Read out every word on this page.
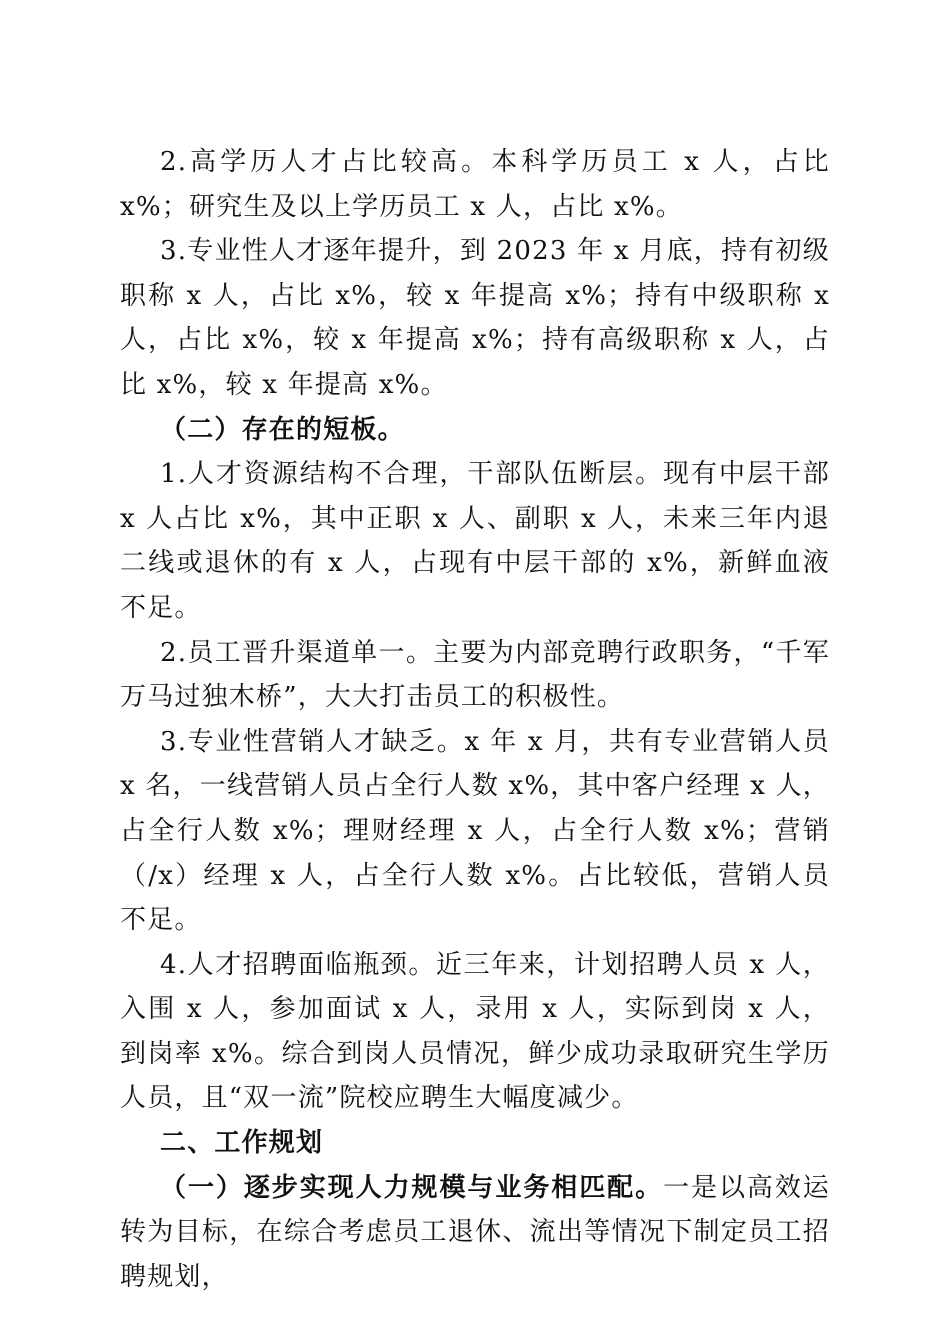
2.高学历人才占比较高。本科学历员工 x 人，占比 x%；研究生及以上学历员工 x 人，占比 x%。

3.专业性人才逐年提升，到 2023 年 x 月底，持有初级职称 x 人，占比 x%，较 x 年提高 x%；持有中级职称 x 人，占比 x%，较 x 年提高 x%；持有高级职称 x 人，占比 x%，较 x 年提高 x%。

（二）存在的短板。

1.人才资源结构不合理，干部队伍断层。现有中层干部 x 人占比 x%，其中正职 x 人、副职 x 人，未来三年内退二线或退休的有 x 人，占现有中层干部的 x%，新鲜血液不足。

2.员工晋升渠道单一。主要为内部竞聘行政职务，“千军万马过独木桥”，大大打击员工的积极性。

3.专业性营销人才缺乏。x 年 x 月，共有专业营销人员 x 名，一线营销人员占全行人数 x%，其中客户经理 x 人，占全行人数 x%；理财经理 x 人，占全行人数 x%；营销（/x）经理 x 人，占全行人数 x%。占比较低，营销人员不足。

4.人才招聘面临瓶颈。近三年来，计划招聘人员 x 人，入围 x 人，参加面试 x 人，录用 x 人，实际到岗 x 人，到岗率 x%。综合到岗人员情况，鲜少成功录取研究生学历人员，且“双一流”院校应聘生大幅度减少。

二、工作规划

（一）逐步实现人力规模与业务相匹配。一是以高效运转为目标，在综合考虑员工退休、流出等情况下制定员工招聘规划，
